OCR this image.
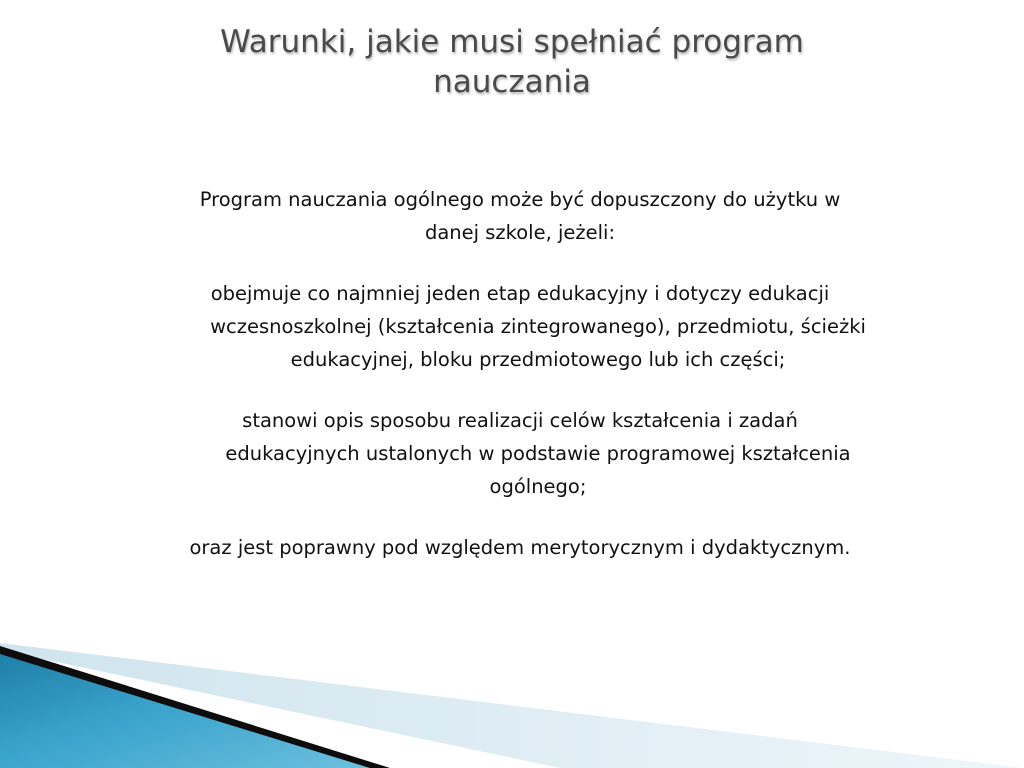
Warunki, jakie musi spełniać program
nauczania

Program nauczania ogólnego może być dopuszczony do użytku w
danej szkole, jeżeli:

obejmuje co najmniej jeden etap edukacyjny i dotyczy edukacji
wczesnoszkolnej (kształcenia zintegrowanego), przedmiotu, ścieżki
edukacyjnej, bloku przedmiotowego lub ich części;

stanowi opis sposobu realizacji celów kształcenia i zadań
edukacyjnych ustalonych w podstawie programowej kształcenia
ogólnego;

oraz jest poprawny pod względem merytorycznym i dydaktycznym.
